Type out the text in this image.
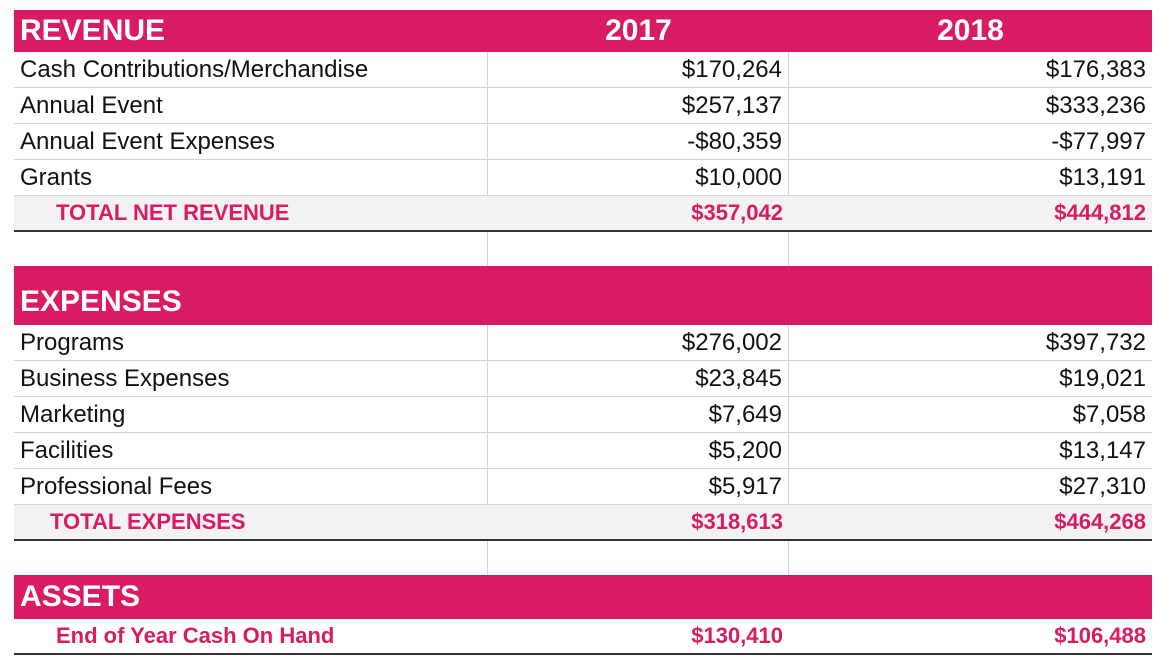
REVENUE	2017	2018
Cash Contributions/Merchandise	$170,264	$176,383
Annual Event	$257,137	$333,236
Annual Event Expenses	-$80,359	-$77,997
Grants	$10,000	$13,191
TOTAL NET REVENUE	$357,042	$444,812
EXPENSES
Programs	$276,002	$397,732
Business Expenses	$23,845	$19,021
Marketing	$7,649	$7,058
Facilities	$5,200	$13,147
Professional Fees	$5,917	$27,310
TOTAL EXPENSES	$318,613	$464,268
ASSETS
End of Year Cash On Hand	$130,410	$106,488
